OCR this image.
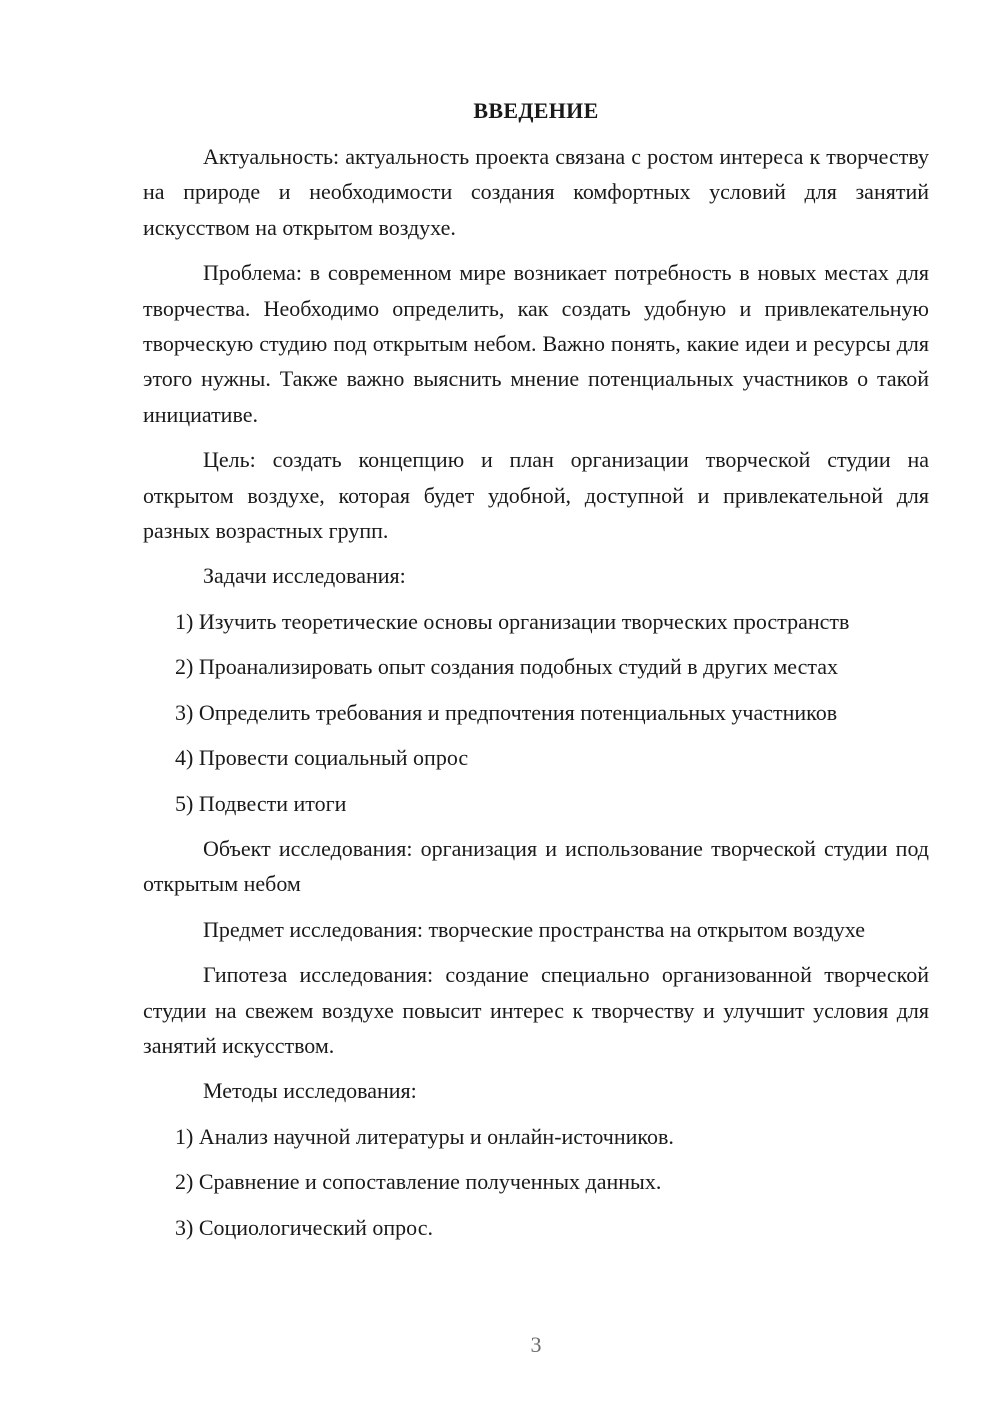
ВВЕДЕНИЕ

Актуальность: актуальность проекта связана с ростом интереса к творчеству на природе и необходимости создания комфортных условий для занятий искусством на открытом воздухе.

Проблема: в современном мире возникает потребность в новых местах для творчества. Необходимо определить, как создать удобную и привлекательную творческую студию под открытым небом. Важно понять, какие идеи и ресурсы для этого нужны. Также важно выяснить мнение потенциальных участников о такой инициативе.

Цель: создать концепцию и план организации творческой студии на открытом воздухе, которая будет удобной, доступной и привлекательной для разных возрастных групп.

Задачи исследования:

1) Изучить теоретические основы организации творческих пространств

2) Проанализировать опыт создания подобных студий в других местах

3) Определить требования и предпочтения потенциальных участников

4) Провести социальный опрос

5) Подвести итоги

Объект исследования: организация и использование творческой студии под открытым небом

Предмет исследования: творческие пространства на открытом воздухе

Гипотеза исследования: создание специально организованной творческой студии на свежем воздухе повысит интерес к творчеству и улучшит условия для занятий искусством.

Методы исследования:

1) Анализ научной литературы и онлайн-источников.

2) Сравнение и сопоставление полученных данных.

3) Социологический опрос.

3
